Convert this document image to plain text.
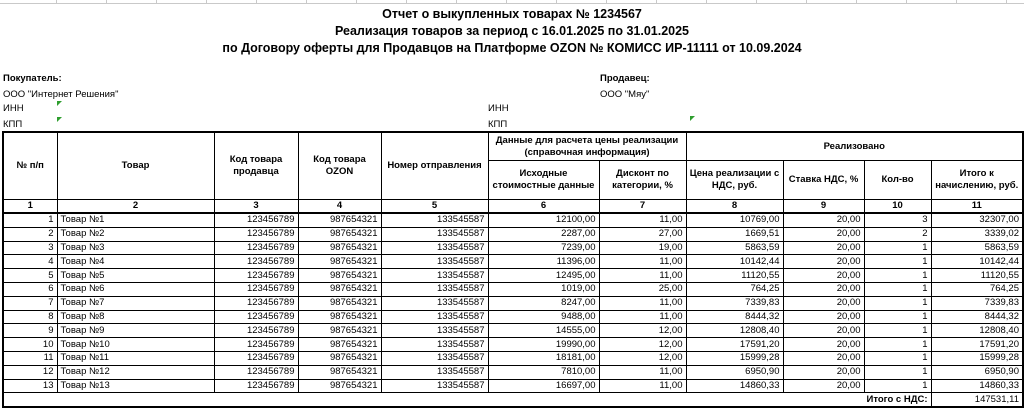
Отчет о выкупленных товарах № 1234567
Реализация товаров за период с 16.01.2025 по 31.01.2025
по Договору оферты для Продавцов на Платформе OZON № КОМИСС ИР-11111 от 10.09.2024
Покупатель:
ООО "Интернет Решения"
ИНН
КПП
Продавец:
ООО "Мяу"
ИНН
КПП
№ п/п	Товар	Код товара продавца	Код товара OZON	Номер отправления	Данные для расчета цены реализации (справочная информация)		Реализовано			
					Исходные стоимостные данные	Дисконт по категории, %	Цена реализации с НДС, руб.	Ставка НДС, %	Кол-во	Итого к начислению, руб.
1	2	3	4	5	6	7	8	9	10	11
1	Товар №1	123456789	987654321	133545587	12100,00	11,00	10769,00	20,00	3	32307,00
2	Товар №2	123456789	987654321	133545587	2287,00	27,00	1669,51	20,00	2	3339,02
3	Товар №3	123456789	987654321	133545587	7239,00	19,00	5863,59	20,00	1	5863,59
4	Товар №4	123456789	987654321	133545587	11396,00	11,00	10142,44	20,00	1	10142,44
5	Товар №5	123456789	987654321	133545587	12495,00	11,00	11120,55	20,00	1	11120,55
6	Товар №6	123456789	987654321	133545587	1019,00	25,00	764,25	20,00	1	764,25
7	Товар №7	123456789	987654321	133545587	8247,00	11,00	7339,83	20,00	1	7339,83
8	Товар №8	123456789	987654321	133545587	9488,00	11,00	8444,32	20,00	1	8444,32
9	Товар №9	123456789	987654321	133545587	14555,00	12,00	12808,40	20,00	1	12808,40
10	Товар №10	123456789	987654321	133545587	19990,00	12,00	17591,20	20,00	1	17591,20
11	Товар №11	123456789	987654321	133545587	18181,00	12,00	15999,28	20,00	1	15999,28
12	Товар №12	123456789	987654321	133545587	7810,00	11,00	6950,90	20,00	1	6950,90
13	Товар №13	123456789	987654321	133545587	16697,00	11,00	14860,33	20,00	1	14860,33
Итого с НДС:										147531,11
